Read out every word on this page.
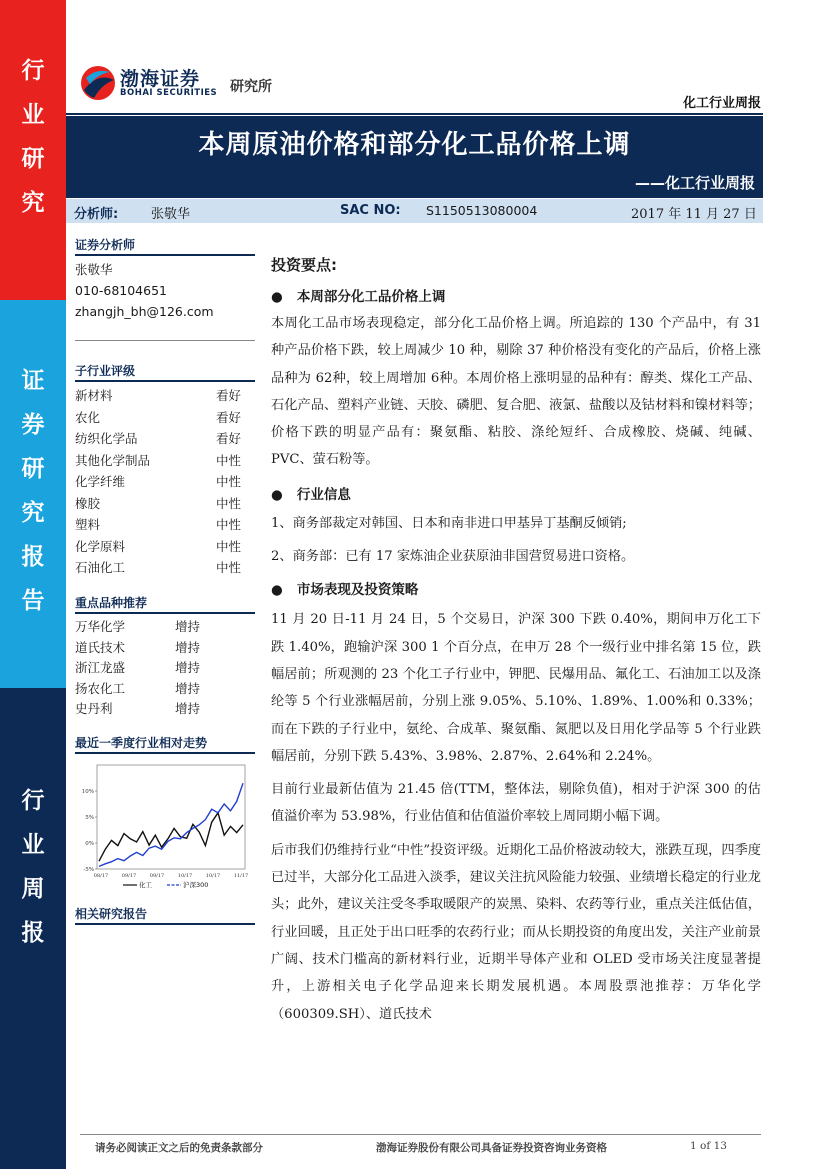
行
业
研
究
证
券
研
究
报
告
行
业
周
报
渤海证券
BOHAI SECURITIES 研究所
化工行业周报
本周原油价格和部分化工品价格上调
——化工行业周报
分析师:	张敬华	SAC NO: S1150513080004	2017 年 11 月 27 日
证券分析师
张敬华
010-68104651
zhangjh_bh@126.com
子行业评级
新材料	看好
农化	看好
纺织化学品	看好
其他化学制品	中性
化学纤维	中性
橡胶	中性
塑料	中性
化学原料	中性
石油化工	中性
重点品种推荐
万华化学	增持
道氏技术	增持
浙江龙盛	增持
扬农化工	增持
史丹利	增持
最近一季度行业相对走势
10%
5%
0%
-5%
08/17	09/17	09/17	10/17	10/17	11/17
化工	沪深300
相关研究报告
投资要点:
●   本周部分化工品价格上调

本周化工品市场表现稳定，部分化工品价格上调。所追踪的 130 个产品中，有 31 种产品价格下跌，较上周减少 10 种，剔除 37 种价格没有变化的产品后，价格上涨品种为 62种，较上周增加 6种。本周价格上涨明显的品种有：醇类、煤化工产品、石化产品、塑料产业链、天胶、磷肥、复合肥、液氯、盐酸以及钴材料和镍材料等；价格下跌的明显产品有：聚氨酯、粘胶、涤纶短纤、合成橡胶、烧碱、纯碱、PVC、萤石粉等。

●   行业信息

1、商务部裁定对韩国、日本和南非进口甲基异丁基酮反倾销;

2、商务部：已有 17 家炼油企业获原油非国营贸易进口资格。

●   市场表现及投资策略

11 月 20 日-11 月 24 日，5 个交易日，沪深 300 下跌 0.40%，期间申万化工下跌 1.40%，跑输沪深 300 1 个百分点，在申万 28 个一级行业中排名第 15 位，跌幅居前；所观测的 23 个化工子行业中，钾肥、民爆用品、氟化工、石油加工以及涤纶等 5 个行业涨幅居前，分别上涨 9.05%、5.10%、1.89%、1.00%和 0.33%；而在下跌的子行业中，氨纶、合成革、聚氨酯、氮肥以及日用化学品等 5 个行业跌幅居前，分别下跌 5.43%、3.98%、2.87%、2.64%和 2.24%。

目前行业最新估值为 21.45 倍(TTM，整体法，剔除负值)，相对于沪深 300 的估值溢价率为 53.98%，行业估值和估值溢价率较上周同期小幅下调。

后市我们仍维持行业“中性”投资评级。近期化工品价格波动较大，涨跌互现，四季度已过半，大部分化工品进入淡季，建议关注抗风险能力较强、业绩增长稳定的行业龙头；此外，建议关注受冬季取暖限产的炭黑、染料、农药等行业，重点关注低估值，行业回暖，且正处于出口旺季的农药行业；而从长期投资的角度出发，关注产业前景广阔、技术门槛高的新材料行业，近期半导体产业和 OLED 受市场关注度显著提升，上游相关电子化学品迎来长期发展机遇。本周股票池推荐：万华化学（600309.SH）、道氏技术

请务必阅读正文之后的免责条款部分	渤海证券股份有限公司具备证券投资咨询业务资格	1 of 13
